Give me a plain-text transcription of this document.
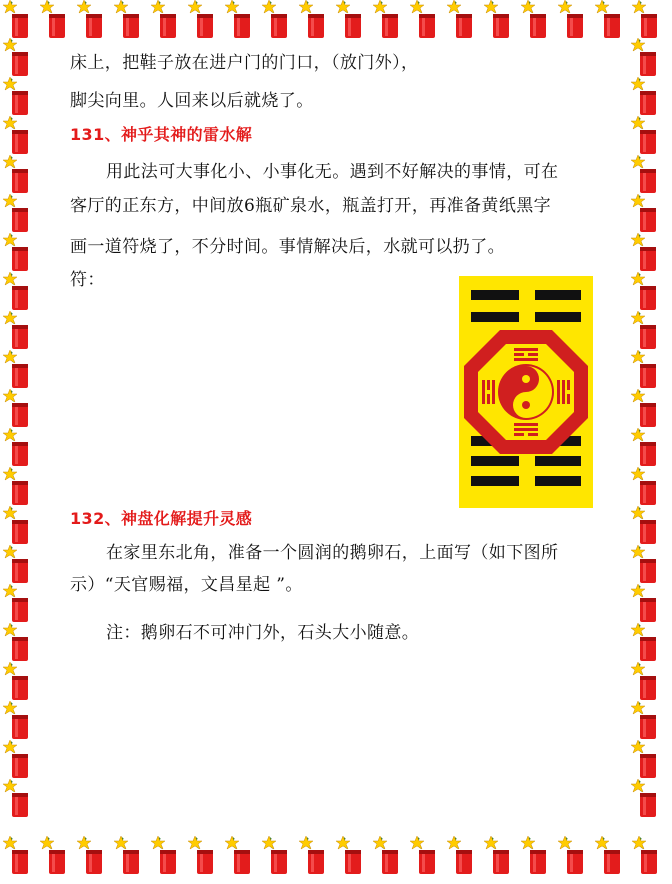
床上，把鞋子放在进户门的门口，（放门外），
脚尖向里。人回来以后就烧了。
131、神乎其神的雷水解
用此法可大事化小、小事化无。遇到不好解决的事情，可在
客厅的正东方，中间放6瓶矿泉水，瓶盖打开，再准备黄纸黑字
画一道符烧了，不分时间。事情解决后，水就可以扔了。
符：
132、神盘化解提升灵感
在家里东北角，准备一个圆润的鹅卵石，上面写（如下图所
示）“天官赐福，文昌星起 ”。
注：鹅卵石不可冲门外，石头大小随意。
